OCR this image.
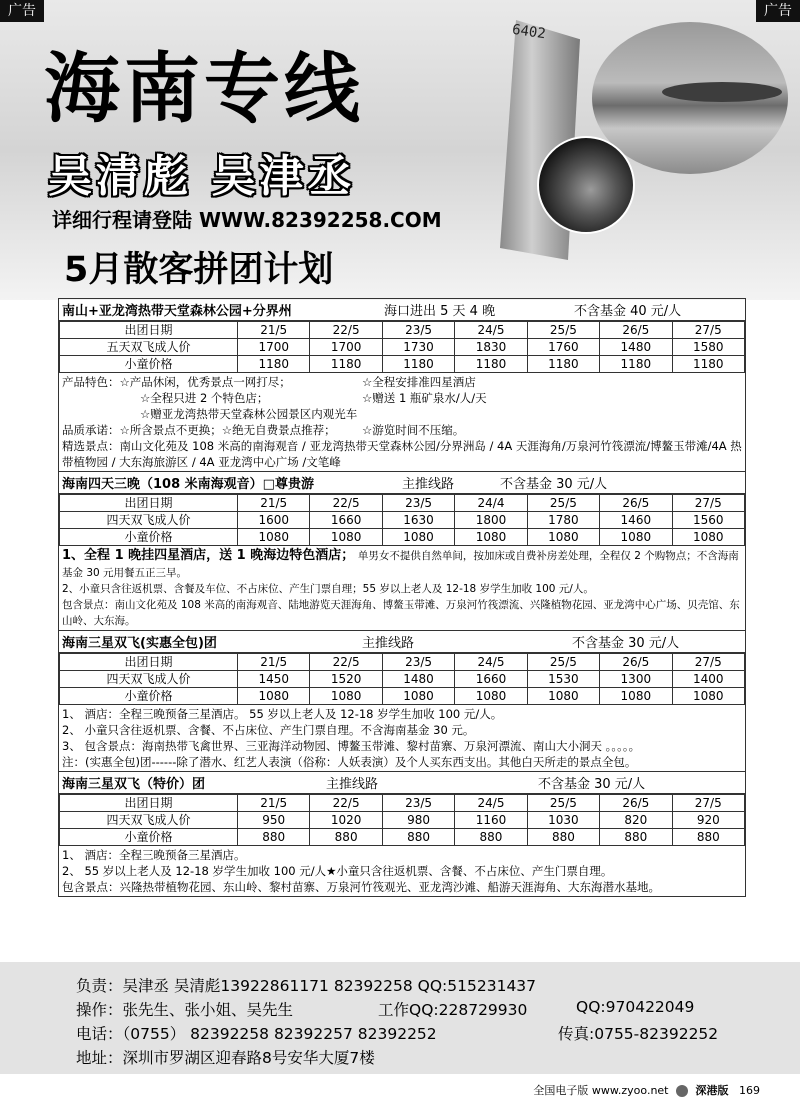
6402
广告	广告
海南专线
吴清彪 吴津丞
详细行程请登陆 WWW.82392258.COM
5月散客拼团计划
南山+亚龙湾热带天堂森林公园+分界州	海口进出 5 天 4 晚	不含基金 40 元/人
出团日期	21/5	22/5	23/5	24/5	25/5	26/5	27/5
五天双飞成人价	1700	1700	1730	1830	1760	1480	1580
小童价格	1180	1180	1180	1180	1180	1180	1180

产品特色：☆产品休闲，优秀景点一网打尽；	☆全程安排准四星酒店

☆全程只进 2 个特色店；	☆赠送 1 瓶矿泉水/人/天

☆赠亚龙湾热带天堂森林公园景区内观光车

品质承诺：☆所含景点不更换；☆绝无自费景点推荐；	☆游览时间不压缩。

精选景点：南山文化苑及 108 米高的南海观音 / 亚龙湾热带天堂森林公园/分界洲岛 / 4A 天涯海角/万泉河竹筏漂流/博鳌玉带滩/4A 热带植物园 / 大东海旅游区 / 4A 亚龙湾中心广场 /文笔峰

海南四天三晚（108 米南海观音）□尊贵游	主推线路	不含基金 30 元/人
出团日期	21/5	22/5	23/5	24/4	25/5	26/5	27/5
四天双飞成人价	1600	1660	1630	1800	1780	1460	1560
小童价格	1080	1080	1080	1080	1080	1080	1080

1、全程 1 晚挂四星酒店，送 1 晚海边特色酒店； 单男女不提供自然单间，按加床或自费补房差处理，全程仅 2 个购物点；不含海南基金 30 元用餐五正三早。

2、小童只含往返机票、含餐及车位、不占床位、产生门票自理；55 岁以上老人及 12-18 岁学生加收 100 元/人。

包含景点：南山文化苑及 108 米高的南海观音、陆地游览天涯海角、博鳌玉带滩、万泉河竹筏漂流、兴隆植物花园、亚龙湾中心广场、贝壳馆、东山岭、大东海。

海南三星双飞(实惠全包)团	主推线路	不含基金 30 元/人
出团日期	21/5	22/5	23/5	24/5	25/5	26/5	27/5
四天双飞成人价	1450	1520	1480	1660	1530	1300	1400
小童价格	1080	1080	1080	1080	1080	1080	1080

1、 酒店：全程三晚预备三星酒店。 55 岁以上老人及 12-18 岁学生加收 100 元/人。

2、 小童只含往返机票、含餐、不占床位、产生门票自理。不含海南基金 30 元。

3、 包含景点：海南热带飞禽世界、三亚海洋动物园、博鳌玉带滩、黎村苗寨、万泉河漂流、南山大小洞天 。。。。。

注：(实惠全包)团------除了潜水、红艺人表演（俗称：人妖表演）及个人买东西支出。其他白天所走的景点全包。

海南三星双飞（特价）团	主推线路	不含基金 30 元/人
出团日期	21/5	22/5	23/5	24/5	25/5	26/5	27/5
四天双飞成人价	950	1020	980	1160	1030	820	920
小童价格	880	880	880	880	880	880	880

1、 酒店：全程三晚预备三星酒店。

2、 55 岁以上老人及 12-18 岁学生加收 100 元/人★小童只含往返机票、含餐、不占床位、产生门票自理。

包含景点：兴隆热带植物花园、东山岭、黎村苗寨、万泉河竹筏观光、亚龙湾沙滩、船游天涯海角、大东海潜水基地。

负责：吴津丞 吴清彪13922861171 82392258 QQ:515231437
操作：张先生、张小姐、吴先生	工作QQ:228729930	QQ:970422049
电话：（0755） 82392258 82392257 82392252	传真:0755-82392252
地址：深圳市罗湖区迎春路8号安华大厦7楼
全国电子版 www.zyoo.net 深港版 169
